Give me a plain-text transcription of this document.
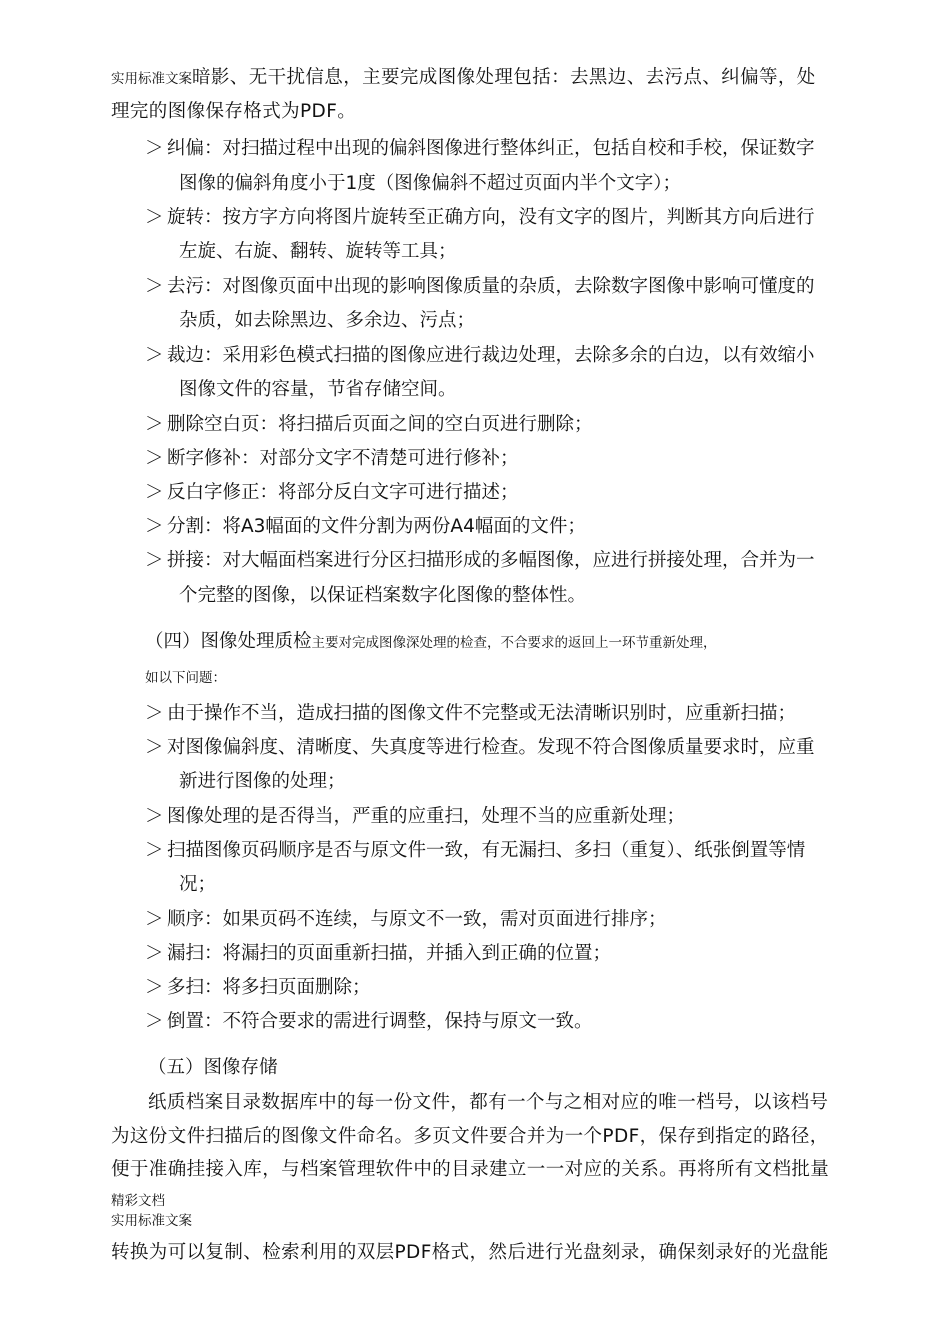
实用标准文案暗影、无干扰信息，主要完成图像处理包括：去黑边、去污点、纠偏等，处
理完的图像保存格式为PDF。
＞ 纠偏：对扫描过程中出现的偏斜图像进行整体纠正，包括自校和手校，保证数字
图像的偏斜角度小于1度（图像偏斜不超过页面内半个文字）；
＞ 旋转：按方字方向将图片旋转至正确方向，没有文字的图片，判断其方向后进行
左旋、右旋、翻转、旋转等工具；
＞ 去污：对图像页面中出现的影响图像质量的杂质，去除数字图像中影响可懂度的
杂质，如去除黑边、多余边、污点；
＞ 裁边：采用彩色模式扫描的图像应进行裁边处理，去除多余的白边，以有效缩小
图像文件的容量，节省存储空间。
＞ 删除空白页：将扫描后页面之间的空白页进行删除；
＞ 断字修补：对部分文字不清楚可进行修补；
＞ 反白字修正：将部分反白文字可进行描述；
＞ 分割：将A3幅面的文件分割为两份A4幅面的文件；
＞ 拼接：对大幅面档案进行分区扫描形成的多幅图像，应进行拼接处理，合并为一
个完整的图像，以保证档案数字化图像的整体性。
（四）图像处理质检主要对完成图像深处理的检查，不合要求的返回上一环节重新处理，
如以下问题：
＞ 由于操作不当，造成扫描的图像文件不完整或无法清晰识别时，应重新扫描；
＞ 对图像偏斜度、清晰度、失真度等进行检查。发现不符合图像质量要求时，应重
新进行图像的处理；
＞ 图像处理的是否得当，严重的应重扫，处理不当的应重新处理；
＞ 扫描图像页码顺序是否与原文件一致，有无漏扫、多扫（重复）、纸张倒置等情
况；
＞ 顺序：如果页码不连续，与原文不一致，需对页面进行排序；
＞ 漏扫：将漏扫的页面重新扫描，并插入到正确的位置；
＞ 多扫：将多扫页面删除；
＞ 倒置：不符合要求的需进行调整，保持与原文一致。
（五）图像存储
纸质档案目录数据库中的每一份文件，都有一个与之相对应的唯一档号，以该档号
为这份文件扫描后的图像文件命名。多页文件要合并为一个PDF，保存到指定的路径，
便于准确挂接入库，与档案管理软件中的目录建立一一对应的关系。再将所有文档批量
精彩文档
实用标准文案
转换为可以复制、检索利用的双层PDF格式，然后进行光盘刻录，确保刻录好的光盘能
